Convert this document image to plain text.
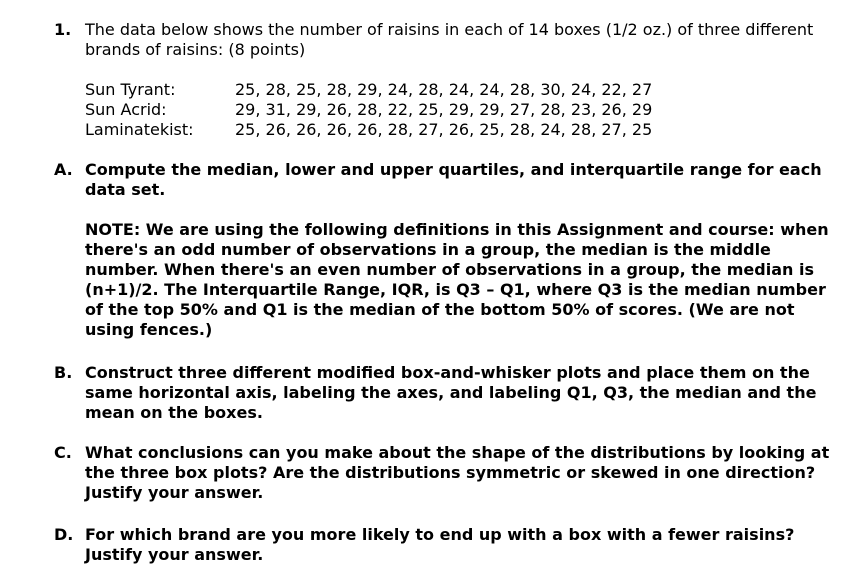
1. The data below shows the number of raisins in each of 14 boxes (1/2 oz.) of three different brands of raisins: (8 points)
Sun Tyrant:	25, 28, 25, 28, 29, 24, 28, 24, 24, 28, 30, 24, 22, 27
Sun Acrid:	29, 31, 29, 26, 28, 22, 25, 29, 29, 27, 28, 23, 26, 29
Laminatekist:	25, 26, 26, 26, 26, 28, 27, 26, 25, 28, 24, 28, 27, 25
A. Compute the median, lower and upper quartiles, and interquartile range for each data set.
NOTE: We are using the following definitions in this Assignment and course: when there's an odd number of observations in a group, the median is the middle number. When there's an even number of observations in a group, the median is (n+1)/2. The Interquartile Range, IQR, is Q3 – Q1, where Q3 is the median number of the top 50% and Q1 is the median of the bottom 50% of scores. (We are not using fences.)
B. Construct three different modified box-and-whisker plots and place them on the same horizontal axis, labeling the axes, and labeling Q1, Q3, the median and the mean on the boxes.
C. What conclusions can you make about the shape of the distributions by looking at the three box plots? Are the distributions symmetric or skewed in one direction? Justify your answer.
D. For which brand are you more likely to end up with a box with a fewer raisins? Justify your answer.
